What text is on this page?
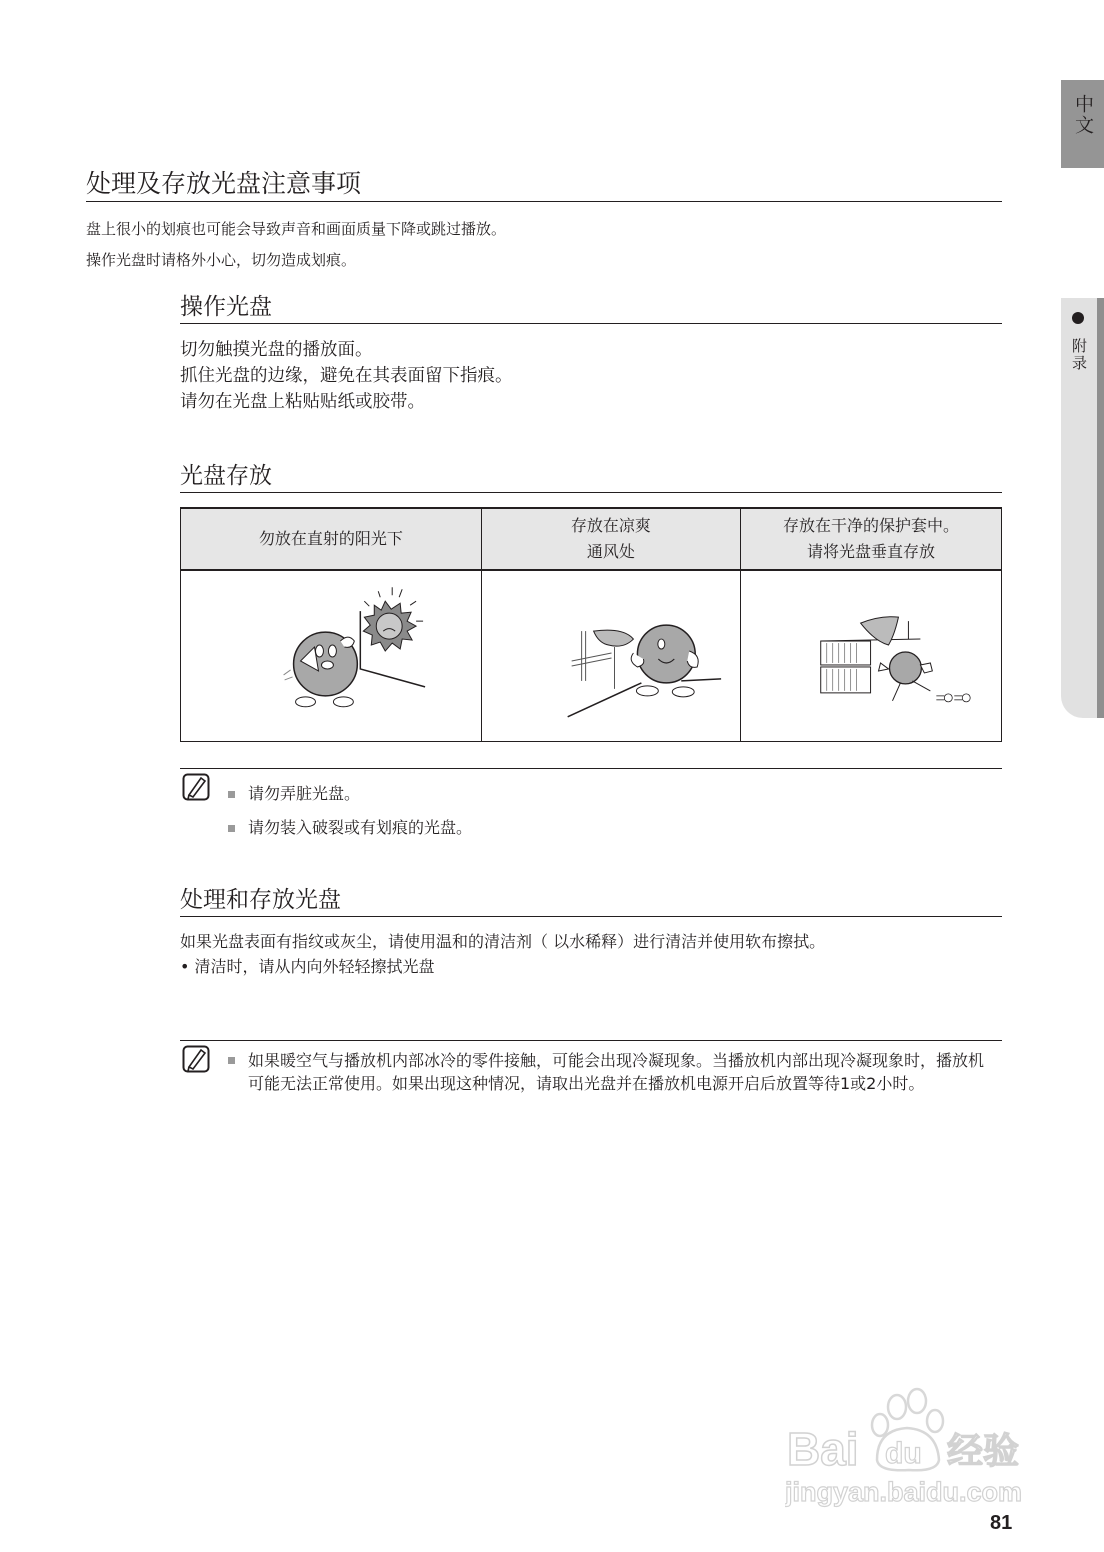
中文
附录
处理及存放光盘注意事项
盘上很小的划痕也可能会导致声音和画面质量下降或跳过播放。
操作光盘时请格外小心，切勿造成划痕。
操作光盘
切勿触摸光盘的播放面。
抓住光盘的边缘，避免在其表面留下指痕。
请勿在光盘上粘贴贴纸或胶带。
光盘存放
勿放在直射的阳光下

存放在凉爽
通风处

存放在干净的保护套中。
请将光盘垂直存放

请勿弄脏光盘。
请勿装入破裂或有划痕的光盘。
处理和存放光盘
如果光盘表面有指纹或灰尘，请使用温和的清洁剂（ 以水稀释）进行清洁并使用软布擦拭。
• 清洁时，请从内向外轻轻擦拭光盘
如果暖空气与播放机内部冰冷的零件接触，可能会出现冷凝现象。当播放机内部出现冷凝现象时，播放机可能无法正常使用。如果出现这种情况，请取出光盘并在播放机电源开启后放置等待1或2小时。
Bai du 经验
jingyan.baidu.com
81
